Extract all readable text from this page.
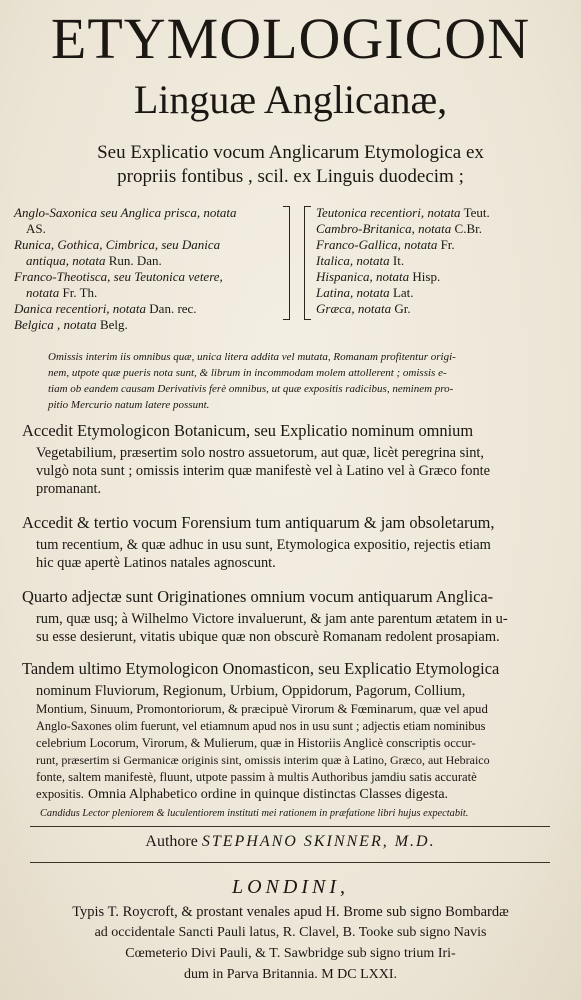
ETYMOLOGICON
Linguæ Anglicanæ,
Seu Explicatio vocum Anglicarum Etymologica ex
propriis fontibus , scil. ex Linguis duodecim ;
Anglo-Saxonica seu Anglica prisca, notata
AS.
Runica, Gothica, Cimbrica, seu Danica
antiqua, notata Run. Dan.
Franco-Theotisca, seu Teutonica vetere,
notata Fr. Th.
Danica recentiori, notata Dan. rec.
Belgica , notata Belg.
Teutonica recentiori, notata Teut.
Cambro-Britanica, notata C.Br.
Franco-Gallica, notata Fr.
Italica, notata It.
Hispanica, notata Hisp.
Latina, notata Lat.
Græca, notata Gr.
Omissis interim iis omnibus quæ, unica litera addita vel mutata, Romanam profitentur origi-
nem, utpote quæ pueris nota sunt, & librum in incommodam molem attollerent ; omissis e-
tiam ob eandem causam Derivativis ferè omnibus, ut quæ expositis radicibus, neminem pro-
pitio Mercurio natum latere possunt.
Accedit Etymologicon Botanicum, seu Explicatio nominum omnium
Vegetabilium, præsertim solo nostro assuetorum, aut quæ, licèt peregrina sint,
vulgò nota sunt ; omissis interim quæ manifestè vel à Latino vel à Græco fonte
promanant.
Accedit & tertio vocum Forensium tum antiquarum & jam obsoletarum,
tum recentium, & quæ adhuc in usu sunt, Etymologica expositio, rejectis etiam
hic quæ apertè Latinos natales agnoscunt.
Quarto adjectæ sunt Originationes omnium vocum antiquarum Anglica-
rum, quæ usq; à Wilhelmo Victore invaluerunt, & jam ante parentum ætatem in u-
su esse desierunt, vitatis ubique quæ non obscurè Romanam redolent prosapiam.
Tandem ultimo Etymologicon Onomasticon, seu Explicatio Etymologica
nominum Fluviorum, Regionum, Urbium, Oppidorum, Pagorum, Collium,
Montium, Sinuum, Promontoriorum, & præcipuè Virorum & Fœminarum, quæ vel apud
Anglo-Saxones olim fuerunt, vel etiamnum apud nos in usu sunt ; adjectis etiam nominibus
celebrium Locorum, Virorum, & Mulierum, quæ in Historiis Anglicè conscriptis occur-
runt, præsertim si Germanicæ originis sint, omissis interim quæ à Latino, Græco, aut Hebraico
fonte, saltem manifestè, fluunt, utpote passim à multis Authoribus jamdiu satis accuratè
expositis. Omnia Alphabetico ordine in quinque distinctas Classes digesta.
Candidus Lector pleniorem & luculentiorem instituti mei rationem in præfatione libri hujus expectabit.
Authore STEPHANO SKINNER, M.D.
LONDINI,
Typis T. Roycroft, & prostant venales apud H. Brome sub signo Bombardæ
ad occidentale Sancti Pauli latus, R. Clavel, B. Tooke sub signo Navis
Cœmeterio Divi Pauli, & T. Sawbridge sub signo trium Iri-
dum in Parva Britannia. M DC LXXI.
